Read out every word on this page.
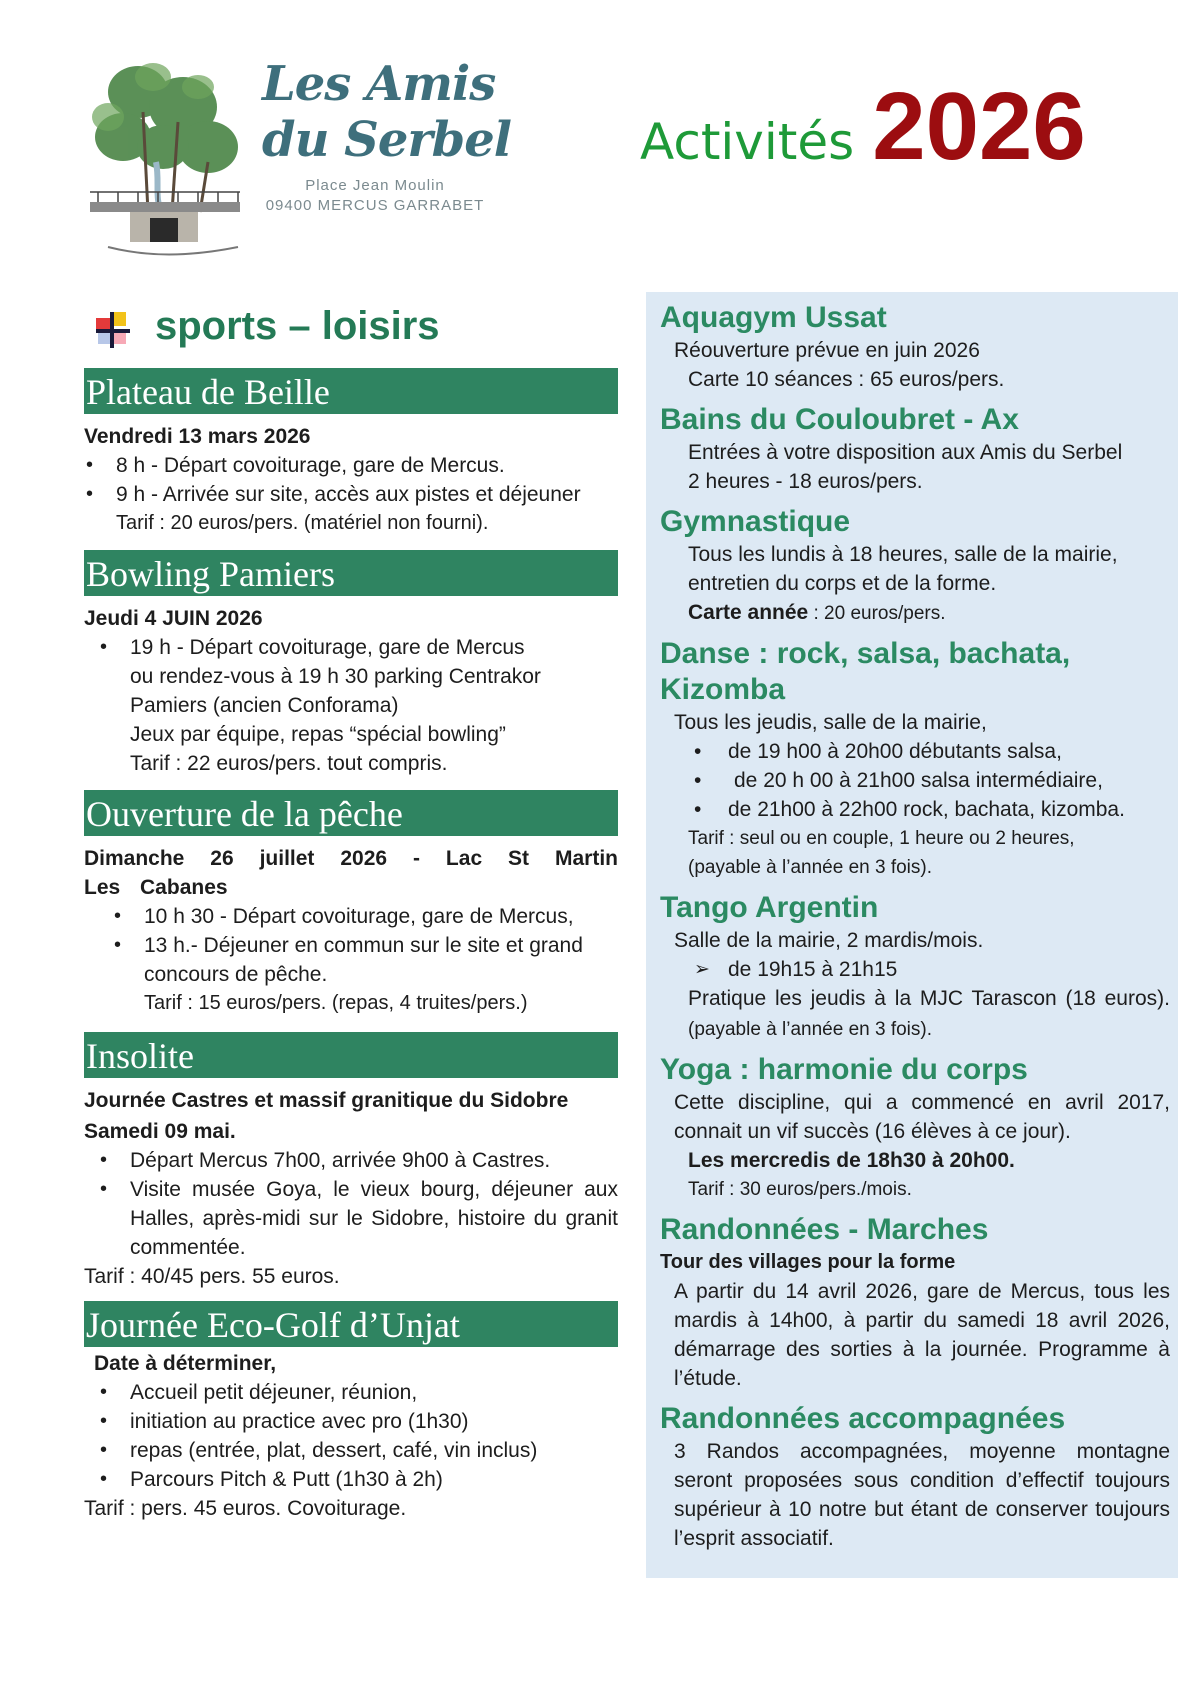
Les Amis
du Serbel
Place Jean Moulin
09400 MERCUS GARRABET
Activités 2026
sports – loisirs
Plateau de Beille
Vendredi 13 mars 2026
• 8 h - Départ covoiturage, gare de Mercus.
• 9 h - Arrivée sur site, accès aux pistes et déjeuner
Tarif : 20 euros/pers. (matériel non fourni).
Bowling Pamiers
Jeudi 4 JUIN 2026
• 19 h - Départ covoiturage, gare de Mercus
ou rendez-vous à 19 h 30 parking Centrakor
Pamiers (ancien Conforama)
Jeux par équipe, repas “spécial bowling”
Tarif : 22 euros/pers. tout compris.
Ouverture de la pêche
Dimanche 26 juillet 2026 - Lac St Martin Les Cabanes
• 10 h 30 - Départ covoiturage, gare de Mercus,
• 13 h.- Déjeuner en commun sur le site et grand concours de pêche.
Tarif : 15 euros/pers. (repas, 4 truites/pers.)
Insolite
Journée Castres et massif granitique du Sidobre
Samedi 09 mai.
• Départ Mercus 7h00, arrivée 9h00 à Castres.
• Visite musée Goya, le vieux bourg, déjeuner aux Halles, après-midi sur le Sidobre, histoire du granit commentée.
Tarif : 40/45 pers. 55 euros.
Journée Eco-Golf d’Unjat
Date à déterminer,
• Accueil petit déjeuner, réunion,
• initiation au practice avec pro (1h30)
• repas (entrée, plat, dessert, café, vin inclus)
• Parcours Pitch & Putt (1h30 à 2h)
Tarif : pers. 45 euros. Covoiturage.
Aquagym Ussat

Réouverture prévue en juin 2026

Carte 10 séances : 65 euros/pers.

Bains du Couloubret - Ax

Entrées à votre disposition aux Amis du Serbel

2 heures - 18 euros/pers.

Gymnastique

Tous les lundis à 18 heures, salle de la mairie,

entretien du corps et de la forme.

Carte année : 20 euros/pers.

Danse : rock, salsa, bachata, Kizomba

Tous les jeudis, salle de la mairie,

• de 19 h00 à 20h00 débutants salsa,
• de 20 h 00 à 21h00 salsa intermédiaire,
• de 21h00 à 22h00 rock, bachata, kizomba.

Tarif : seul ou en couple, 1 heure ou 2 heures,

(payable à l’année en 3 fois).

Tango Argentin

Salle de la mairie, 2 mardis/mois.

➢ de 19h15 à 21h15

Pratique les jeudis à la MJC Tarascon (18 euros). (payable à l’année en 3 fois).

Yoga : harmonie du corps

Cette discipline, qui a commencé en avril 2017, connait un vif succès (16 élèves à ce jour).

Les mercredis de 18h30 à 20h00.

Tarif : 30 euros/pers./mois.

Randonnées - Marches

Tour des villages pour la forme

A partir du 14 avril 2026, gare de Mercus, tous les mardis à 14h00, à partir du samedi 18 avril 2026, démarrage des sorties à la journée. Programme à l’étude.

Randonnées accompagnées

3 Randos accompagnées, moyenne montagne seront proposées sous condition d’effectif toujours supérieur à 10 notre but étant de conserver toujours l’esprit associatif.
